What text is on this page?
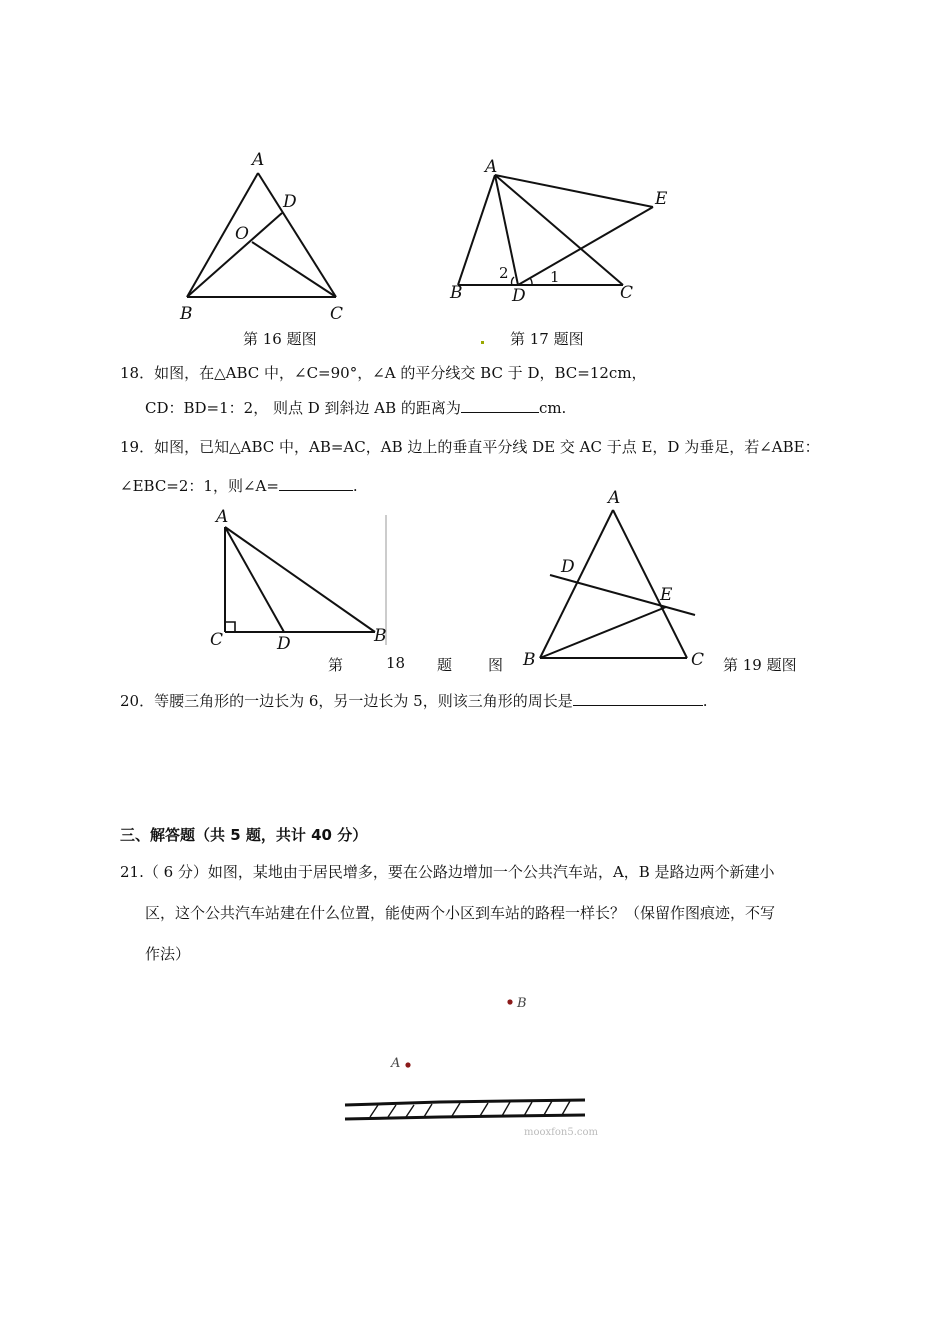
A
D
O
B	C
第 16 题图
A
E
2	1
B	D	C
第 17 题图
18．如图，在△ABC 中，∠C=90°，∠A 的平分线交 BC 于 D，BC=12cm，
CD：BD=1：2， 则点 D 到斜边 AB 的距离为	cm.
19．如图，已知△ABC 中，AB=AC，AB 边上的垂直平分线 DE 交 AC 于点 E，D 为垂足，若∠ABE：
∠EBC=2：1，则∠A=	.
A
C	D	B
第	18 题 图
A
D
E
B	C 第 19 题图
20．等腰三角形的一边长为 6，另一边长为 5，则该三角形的周长是	.
三、解答题（共 5 题，共计 40 分）
21.（ 6 分）如图，某地由于居民增多，要在公路边增加一个公共汽车站，A，B 是路边两个新建小
区，这个公共汽车站建在什么位置，能使两个小区到车站的路程一样长？（保留作图痕迹，不写
作法）
B
A
mooxfon5.com
